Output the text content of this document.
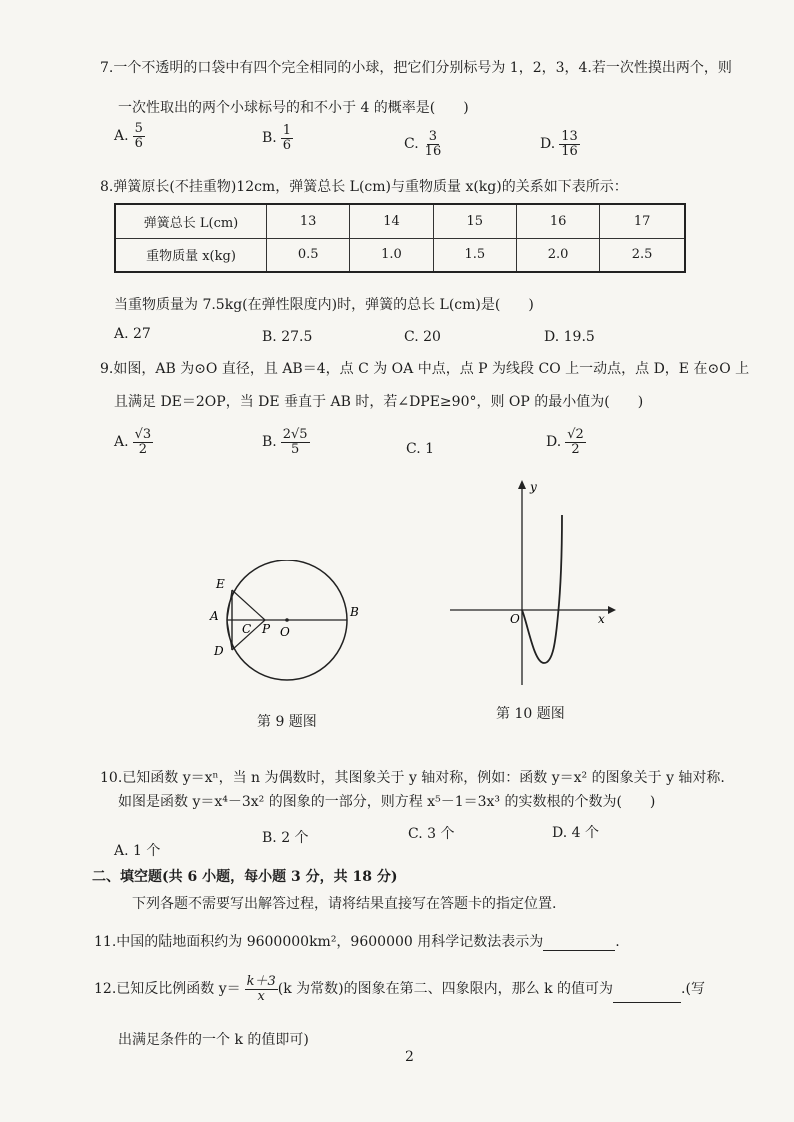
7.一个不透明的口袋中有四个完全相同的小球，把它们分别标号为 1，2，3，4.若一次性摸出两个，则
一次性取出的两个小球标号的和不小于 4 的概率是(　　)
A. $\frac{5}{6}$	B. $\frac{1}{6}$	C. $\frac{3}{16}$	D. $\frac{13}{16}$
8.弹簧原长(不挂重物)12cm，弹簧总长 L(cm)与重物质量 x(kg)的关系如下表所示：
弹簧总长 L(cm)	13	14	15	16	17
重物质量 x(kg)	0.5	1.0	1.5	2.0	2.5
当重物质量为 7.5kg(在弹性限度内)时，弹簧的总长 L(cm)是(　　)
A. 27	B. 27.5	C. 20	D. 19.5
9.如图，AB 为⊙O 直径，且 AB＝4，点 C 为 OA 中点，点 P 为线段 CO 上一动点，点 D，E 在⊙O 上
且满足 DE＝2OP，当 DE 垂直于 AB 时，若∠DPE≥90°，则 OP 的最小值为(　　)
A. $\frac{√3}{2}$	B. $\frac{2√5}{5}$	C. 1	D. $\frac{√2}{2}$
E
A
D
C P O
B
第 9 题图
y
x
O
第 10 题图
10.已知函数 y＝xⁿ，当 n 为偶数时，其图象关于 y 轴对称，例如：函数 y＝x² 的图象关于 y 轴对称.
如图是函数 y＝x⁴－3x² 的图象的一部分，则方程 x⁵－1＝3x³ 的实数根的个数为(　　)
A. 1 个
B. 2 个	C. 3 个	D. 4 个
二、填空题(共 6 小题，每小题 3 分，共 18 分)
下列各题不需要写出解答过程，请将结果直接写在答题卡的指定位置.
11.中国的陆地面积约为 9600000km²，9600000 用科学记数法表示为	.
12.已知反比例函数 $y= \frac{k+3}{x} (k$ 为常数)的图象在第二、四象限内，那么 k 的值可为	.(写
出满足条件的一个 k 的值即可)
2
